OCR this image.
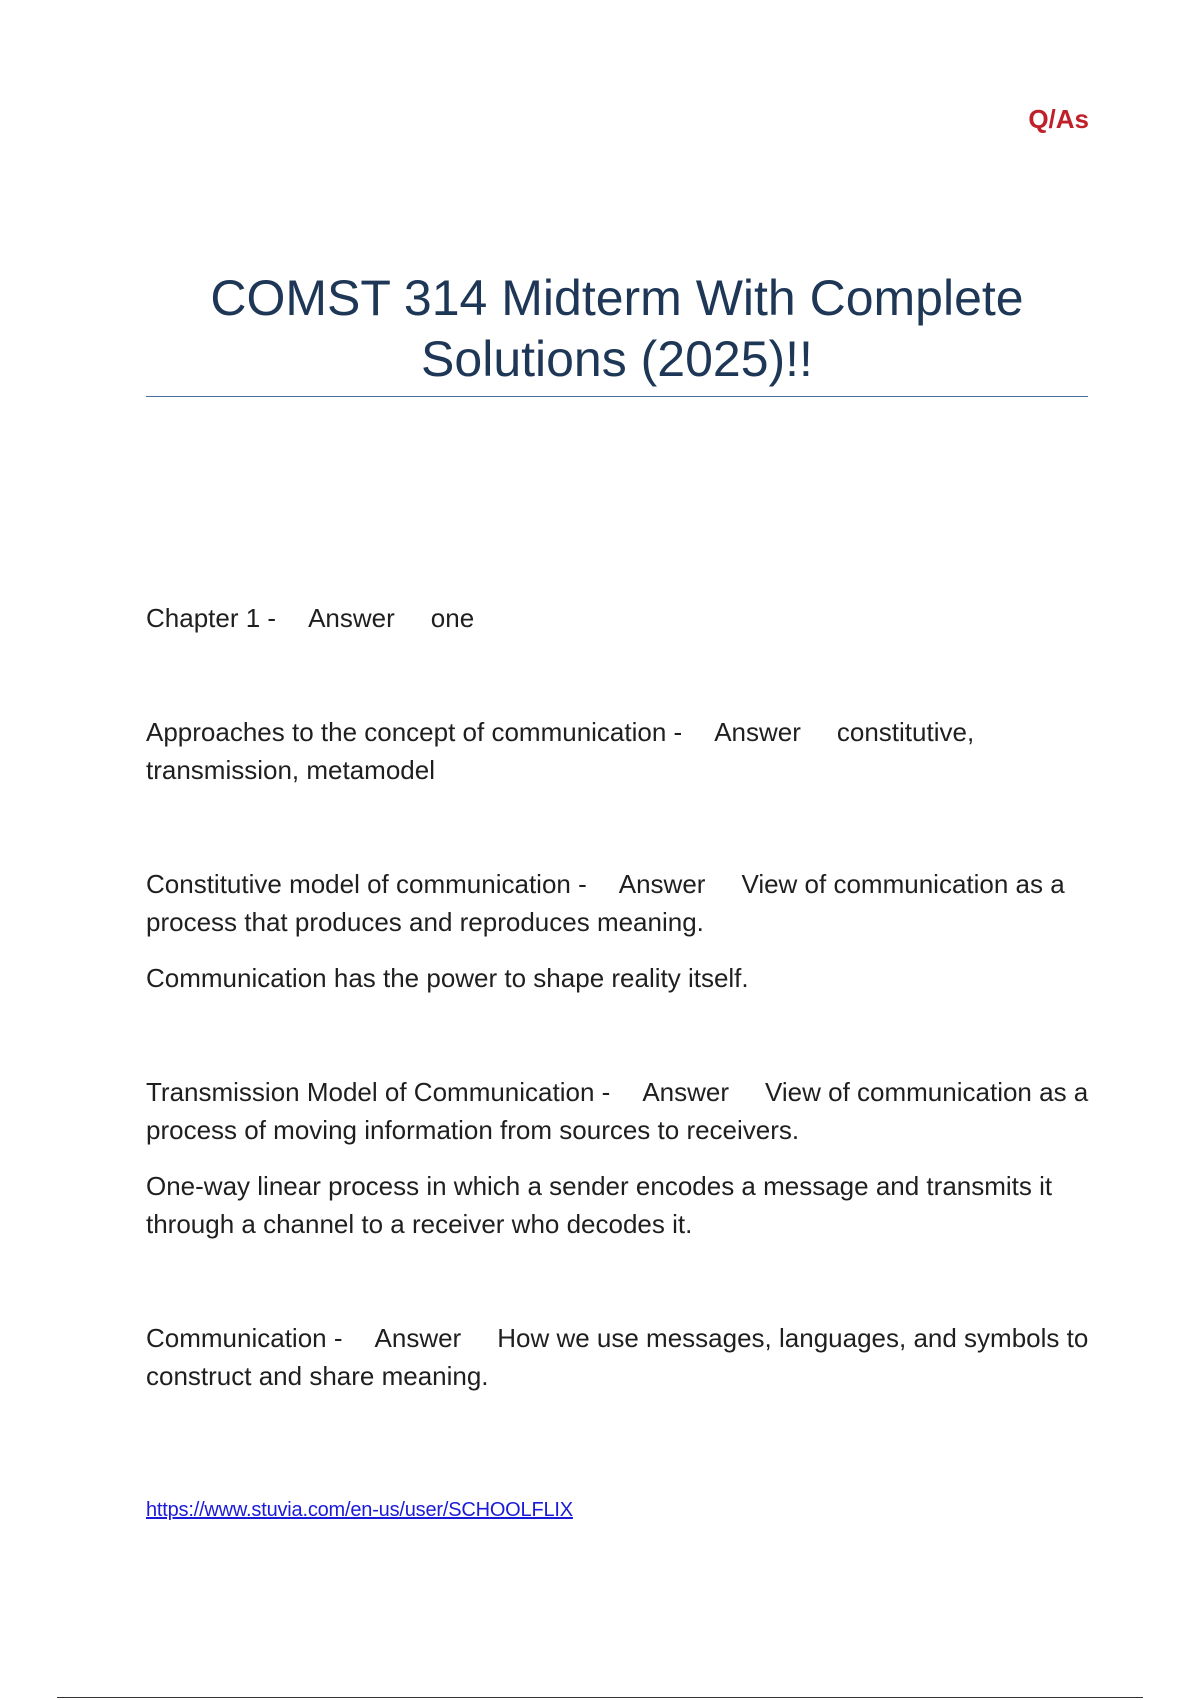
Q/As
COMST 314 Midterm With Complete
Solutions (2025)!!

Chapter 1 - Answer one

Approaches to the concept of communication - Answer constitutive, transmission, metamodel

Constitutive model of communication - Answer View of communication as a process that produces and reproduces meaning.

Communication has the power to shape reality itself.

Transmission Model of Communication - Answer View of communication as a process of moving information from sources to receivers.

One-way linear process in which a sender encodes a message and transmits it through a channel to a receiver who decodes it.

Communication - Answer How we use messages, languages, and symbols to construct and share meaning.

https://www.stuvia.com/en-us/user/SCHOOLFLIX
